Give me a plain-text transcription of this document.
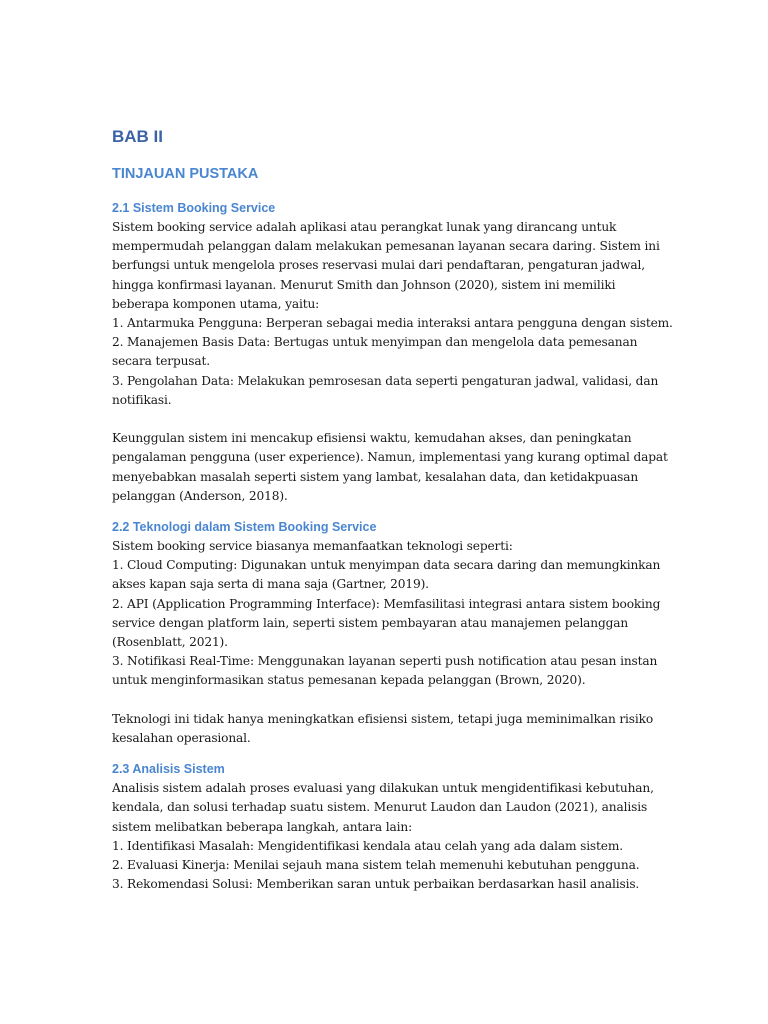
BAB II
TINJAUAN PUSTAKA
2.1 Sistem Booking Service
Sistem booking service adalah aplikasi atau perangkat lunak yang dirancang untuk
mempermudah pelanggan dalam melakukan pemesanan layanan secara daring. Sistem ini
berfungsi untuk mengelola proses reservasi mulai dari pendaftaran, pengaturan jadwal,
hingga konfirmasi layanan. Menurut Smith dan Johnson (2020), sistem ini memiliki
beberapa komponen utama, yaitu:
1. Antarmuka Pengguna: Berperan sebagai media interaksi antara pengguna dengan sistem.
2. Manajemen Basis Data: Bertugas untuk menyimpan dan mengelola data pemesanan
secara terpusat.
3. Pengolahan Data: Melakukan pemrosesan data seperti pengaturan jadwal, validasi, dan
notifikasi.
Keunggulan sistem ini mencakup efisiensi waktu, kemudahan akses, dan peningkatan
pengalaman pengguna (user experience). Namun, implementasi yang kurang optimal dapat
menyebabkan masalah seperti sistem yang lambat, kesalahan data, dan ketidakpuasan
pelanggan (Anderson, 2018).
2.2 Teknologi dalam Sistem Booking Service
Sistem booking service biasanya memanfaatkan teknologi seperti:
1. Cloud Computing: Digunakan untuk menyimpan data secara daring dan memungkinkan
akses kapan saja serta di mana saja (Gartner, 2019).
2. API (Application Programming Interface): Memfasilitasi integrasi antara sistem booking
service dengan platform lain, seperti sistem pembayaran atau manajemen pelanggan
(Rosenblatt, 2021).
3. Notifikasi Real-Time: Menggunakan layanan seperti push notification atau pesan instan
untuk menginformasikan status pemesanan kepada pelanggan (Brown, 2020).
Teknologi ini tidak hanya meningkatkan efisiensi sistem, tetapi juga meminimalkan risiko
kesalahan operasional.
2.3 Analisis Sistem
Analisis sistem adalah proses evaluasi yang dilakukan untuk mengidentifikasi kebutuhan,
kendala, dan solusi terhadap suatu sistem. Menurut Laudon dan Laudon (2021), analisis
sistem melibatkan beberapa langkah, antara lain:
1. Identifikasi Masalah: Mengidentifikasi kendala atau celah yang ada dalam sistem.
2. Evaluasi Kinerja: Menilai sejauh mana sistem telah memenuhi kebutuhan pengguna.
3. Rekomendasi Solusi: Memberikan saran untuk perbaikan berdasarkan hasil analisis.
